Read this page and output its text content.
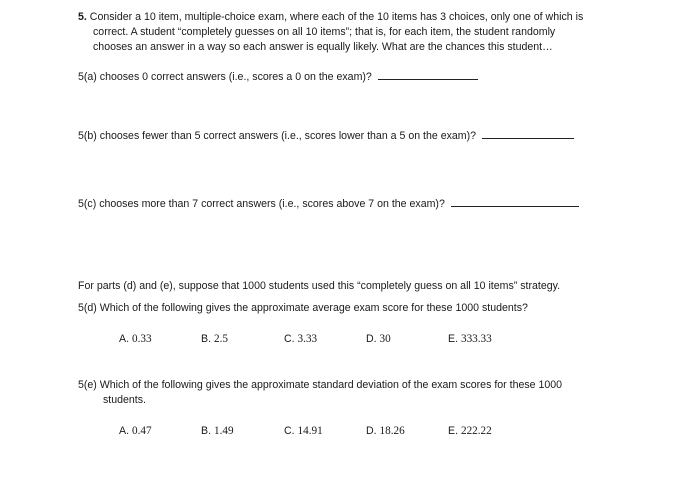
5. Consider a 10 item, multiple-choice exam, where each of the 10 items has 3 choices, only one of which is
correct. A student “completely guesses on all 10 items”; that is, for each item, the student randomly
chooses an answer in a way so each answer is equally likely. What are the chances this student…
5(a) chooses 0 correct answers (i.e., scores a 0 on the exam)?
5(b) chooses fewer than 5 correct answers (i.e., scores lower than a 5 on the exam)?
5(c) chooses more than 7 correct answers (i.e., scores above 7 on the exam)?
For parts (d) and (e), suppose that 1000 students used this “completely guess on all 10 items” strategy.
5(d) Which of the following gives the approximate average exam score for these 1000 students?
A. 0.33	B. 2.5	C. 3.33	D. 30	E. 333.33
5(e) Which of the following gives the approximate standard deviation of the exam scores for these 1000
students.
A. 0.47	B. 1.49	C. 14.91	D. 18.26	E. 222.22
